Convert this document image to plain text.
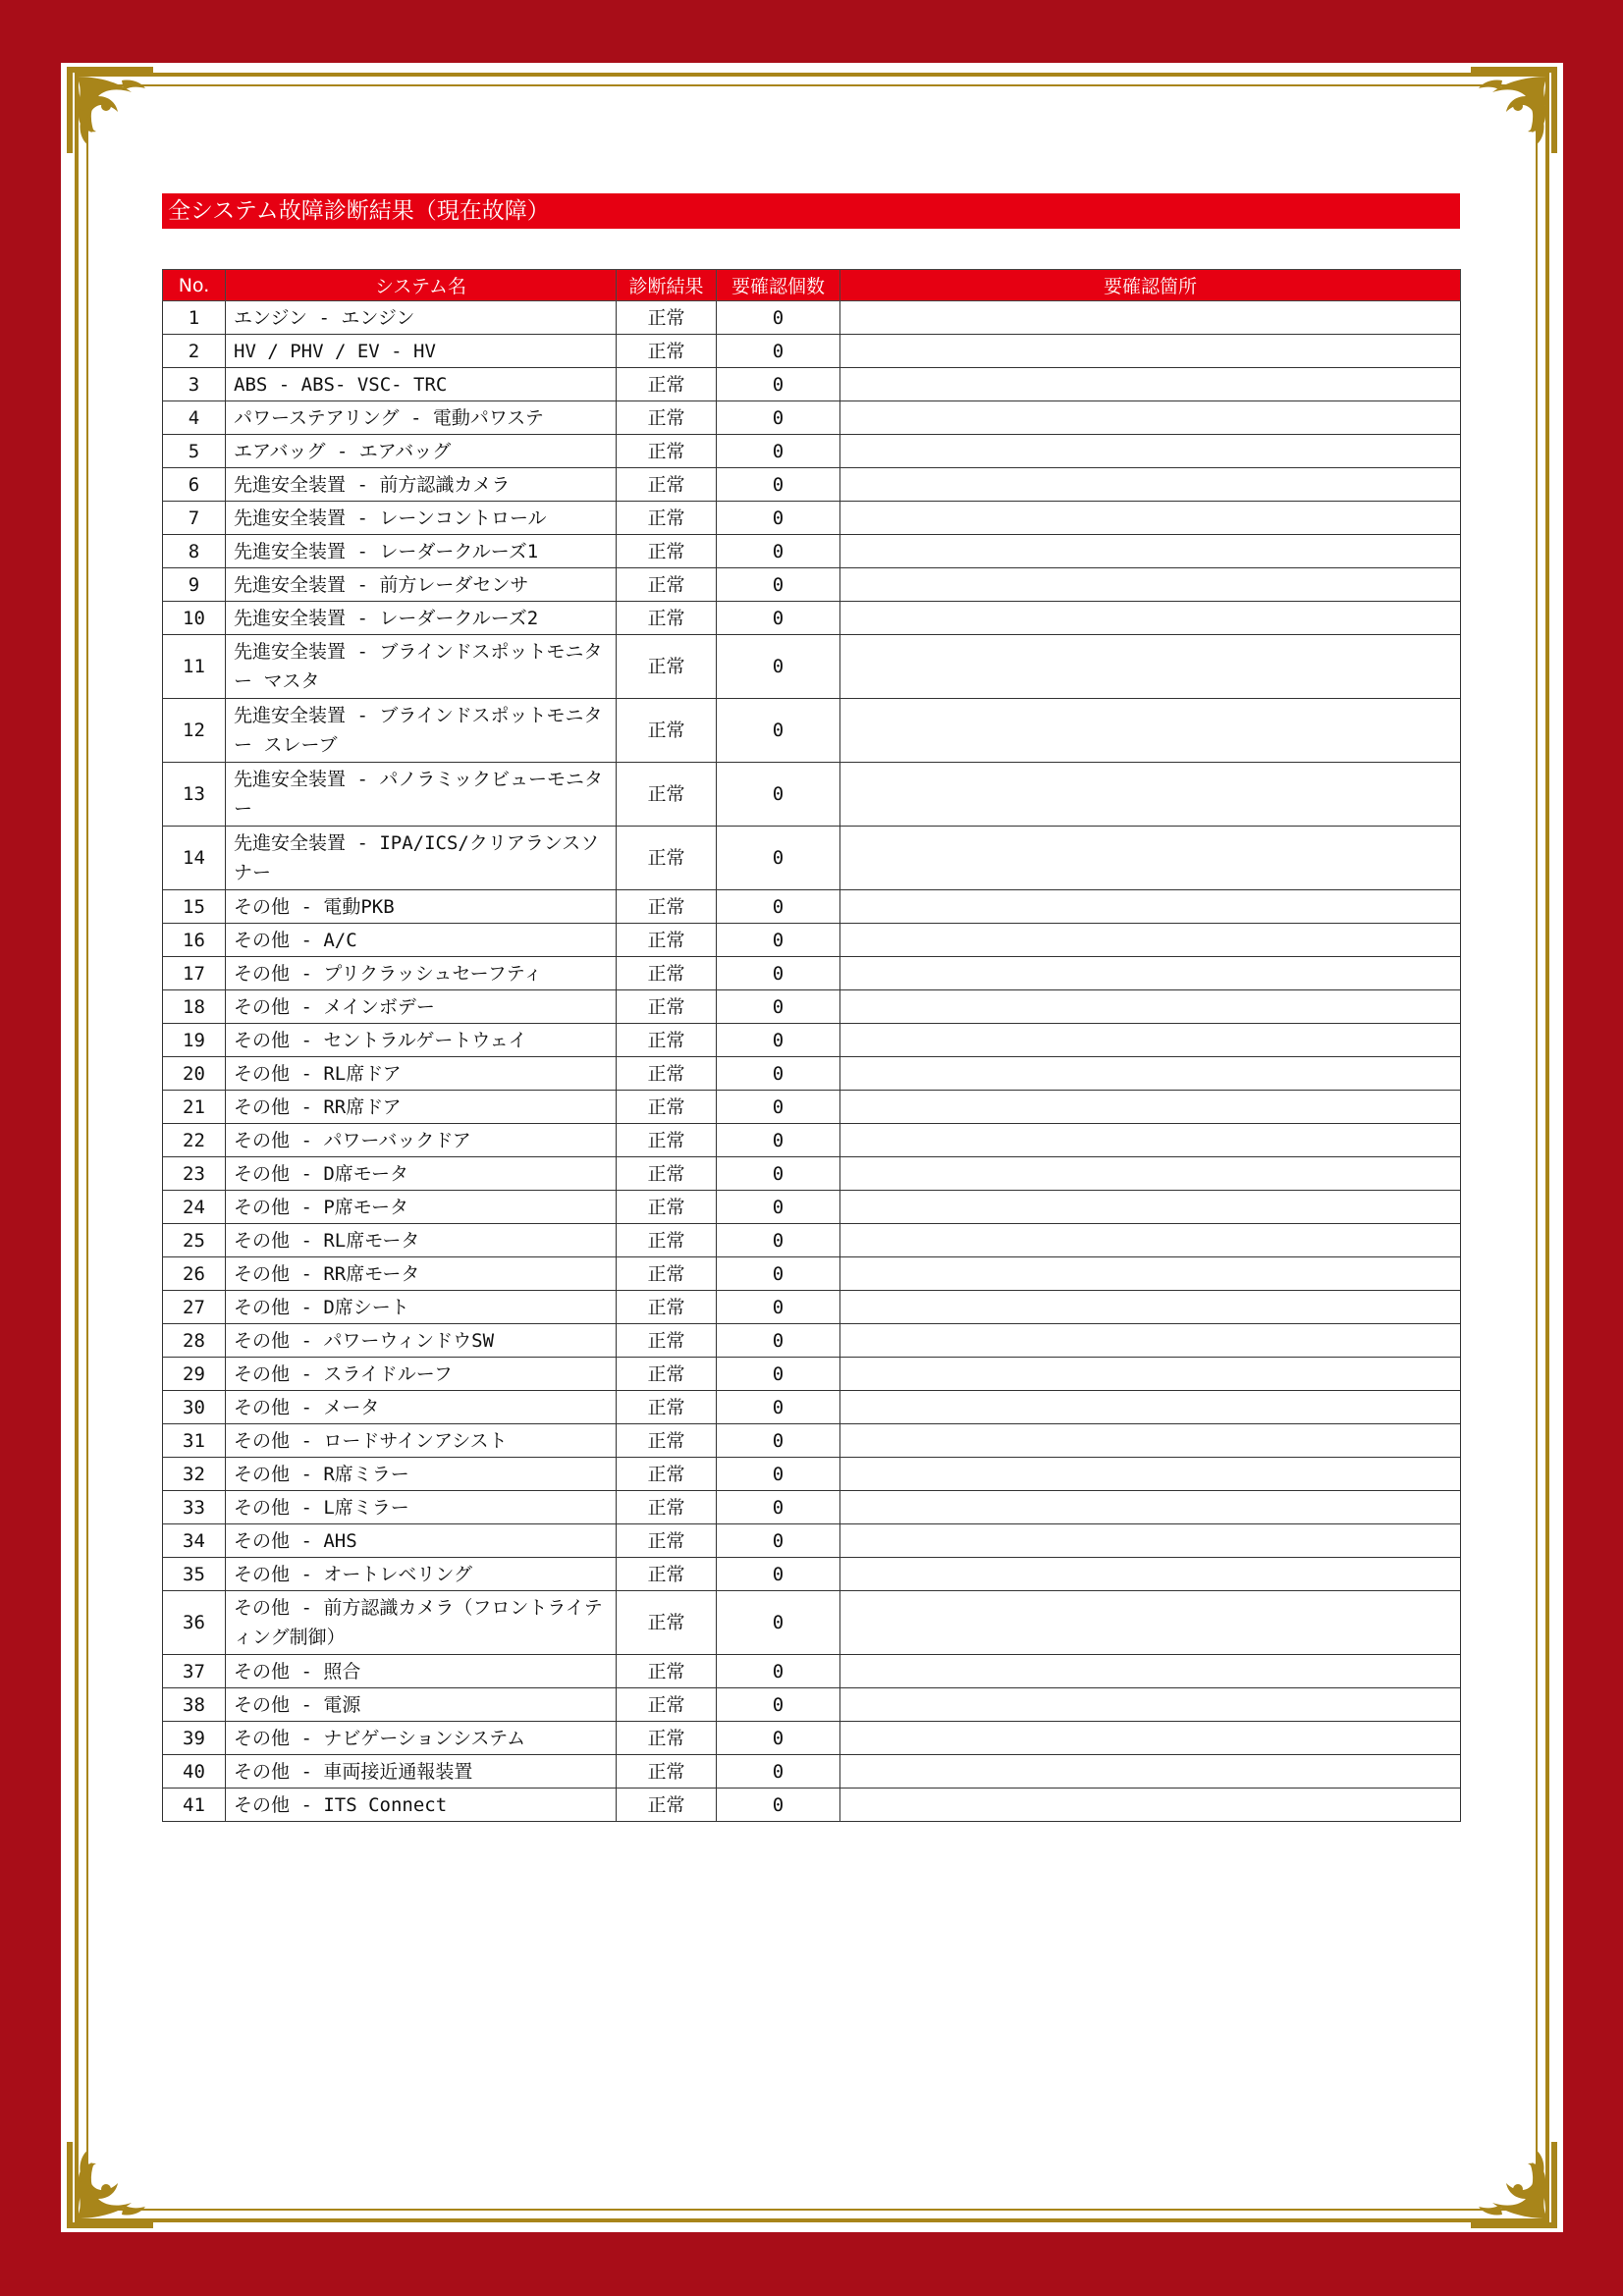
全システム故障診断結果（現在故障）
No.	システム名	診断結果	要確認個数	要確認箇所
1	エンジン - エンジン	正常	0	
2	HV / PHV / EV - HV	正常	0	
3	ABS - ABS- VSC- TRC	正常	0	
4	パワーステアリング - 電動パワステ	正常	0	
5	エアバッグ - エアバッグ	正常	0	
6	先進安全装置 - 前方認識カメラ	正常	0	
7	先進安全装置 - レーンコントロール	正常	0	
8	先進安全装置 - レーダークルーズ1	正常	0	
9	先進安全装置 - 前方レーダセンサ	正常	0	
10	先進安全装置 - レーダークルーズ2	正常	0	
11	先進安全装置 - ブラインドスポットモニター マスタ	正常	0	
12	先進安全装置 - ブラインドスポットモニター スレーブ	正常	0	
13	先進安全装置 - パノラミックビューモニター	正常	0	
14	先進安全装置 - IPA/ICS/クリアランスソナー	正常	0	
15	その他 - 電動PKB	正常	0	
16	その他 - A/C	正常	0	
17	その他 - プリクラッシュセーフティ	正常	0	
18	その他 - メインボデー	正常	0	
19	その他 - セントラルゲートウェイ	正常	0	
20	その他 - RL席ドア	正常	0	
21	その他 - RR席ドア	正常	0	
22	その他 - パワーバックドア	正常	0	
23	その他 - D席モータ	正常	0	
24	その他 - P席モータ	正常	0	
25	その他 - RL席モータ	正常	0	
26	その他 - RR席モータ	正常	0	
27	その他 - D席シート	正常	0	
28	その他 - パワーウィンドウSW	正常	0	
29	その他 - スライドルーフ	正常	0	
30	その他 - メータ	正常	0	
31	その他 - ロードサインアシスト	正常	0	
32	その他 - R席ミラー	正常	0	
33	その他 - L席ミラー	正常	0	
34	その他 - AHS	正常	0	
35	その他 - オートレベリング	正常	0	
36	その他 - 前方認識カメラ（フロントライティング制御）	正常	0	
37	その他 - 照合	正常	0	
38	その他 - 電源	正常	0	
39	その他 - ナビゲーションシステム	正常	0	
40	その他 - 車両接近通報装置	正常	0	
41	その他 - ITS Connect	正常	0	
